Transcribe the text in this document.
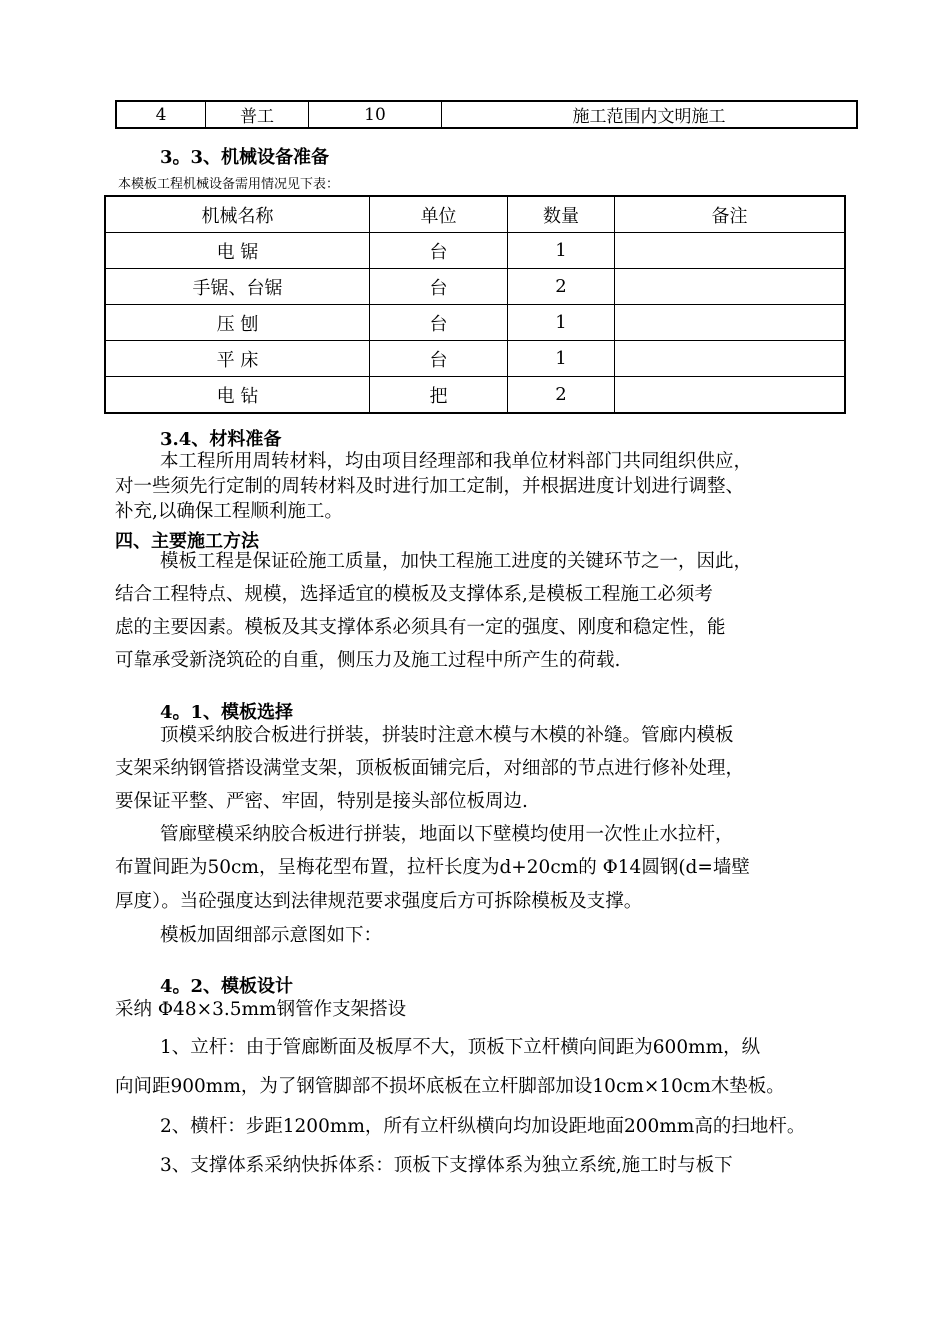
4	普工	10	施工范围内文明施工
3。3、机械设备准备
本模板工程机械设备需用情况见下表：
机械名称	单位	数量	备注
电 锯	台	1	
手锯、台锯	台	2	
压 刨	台	1	
平 床	台	1	
电 钻	把	2	
3.4、材料准备
本工程所用周转材料，均由项目经理部和我单位材料部门共同组织供应，
对一些须先行定制的周转材料及时进行加工定制，并根据进度计划进行调整、
补充,以确保工程顺利施工。
四、主要施工方法
模板工程是保证砼施工质量，加快工程施工进度的关键环节之一，因此，
结合工程特点、规模，选择适宜的模板及支撑体系,是模板工程施工必须考
虑的主要因素。模板及其支撑体系必须具有一定的强度、刚度和稳定性，能
可靠承受新浇筑砼的自重，侧压力及施工过程中所产生的荷载.
4。1、模板选择
顶模采纳胶合板进行拼装，拼装时注意木模与木模的补缝。管廊内模板
支架采纳钢管搭设满堂支架，顶板板面铺完后，对细部的节点进行修补处理，
要保证平整、严密、牢固，特别是接头部位板周边.
管廊壁模采纳胶合板进行拼装，地面以下壁模均使用一次性止水拉杆，
布置间距为50cm，呈梅花型布置，拉杆长度为d+20cm的 Φ14圆钢(d=墙壁
厚度）。当砼强度达到法律规范要求强度后方可拆除模板及支撑。
模板加固细部示意图如下：
4。2、模板设计
采纳 Φ48×3.5mm钢管作支架搭设
1、立杆：由于管廊断面及板厚不大，顶板下立杆横向间距为600mm，纵
向间距900mm，为了钢管脚部不损坏底板在立杆脚部加设10cm×10cm木垫板。
2、横杆：步距1200mm，所有立杆纵横向均加设距地面200mm高的扫地杆。
3、支撑体系采纳快拆体系：顶板下支撑体系为独立系统,施工时与板下
